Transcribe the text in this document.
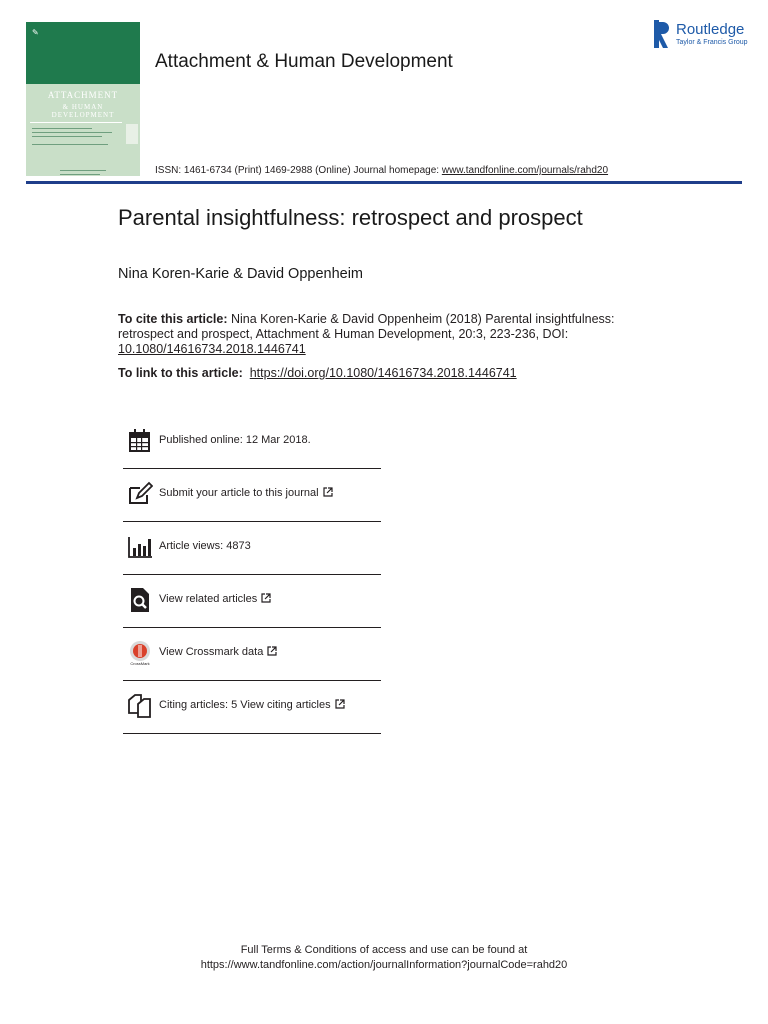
✎
ATTACHMENT
& HUMAN
DEVELOPMENT
Attachment & Human Development
ISSN: 1461-6734 (Print) 1469-2988 (Online) Journal homepage: www.tandfonline.com/journals/rahd20
Routledge
Taylor & Francis Group
Parental insightfulness: retrospect and prospect
Nina Koren-Karie & David Oppenheim
To cite this article: Nina Koren-Karie & David Oppenheim (2018) Parental insightfulness: retrospect and prospect, Attachment & Human Development, 20:3, 223-236, DOI: 10.1080/14616734.2018.1446741
To link to this article: https://doi.org/10.1080/14616734.2018.1446741
Published online: 12 Mar 2018.
Submit your article to this journal
Article views: 4873
View related articles
CrossMark
View Crossmark data
Citing articles: 5 View citing articles
Full Terms & Conditions of access and use can be found at
https://www.tandfonline.com/action/journalInformation?journalCode=rahd20
